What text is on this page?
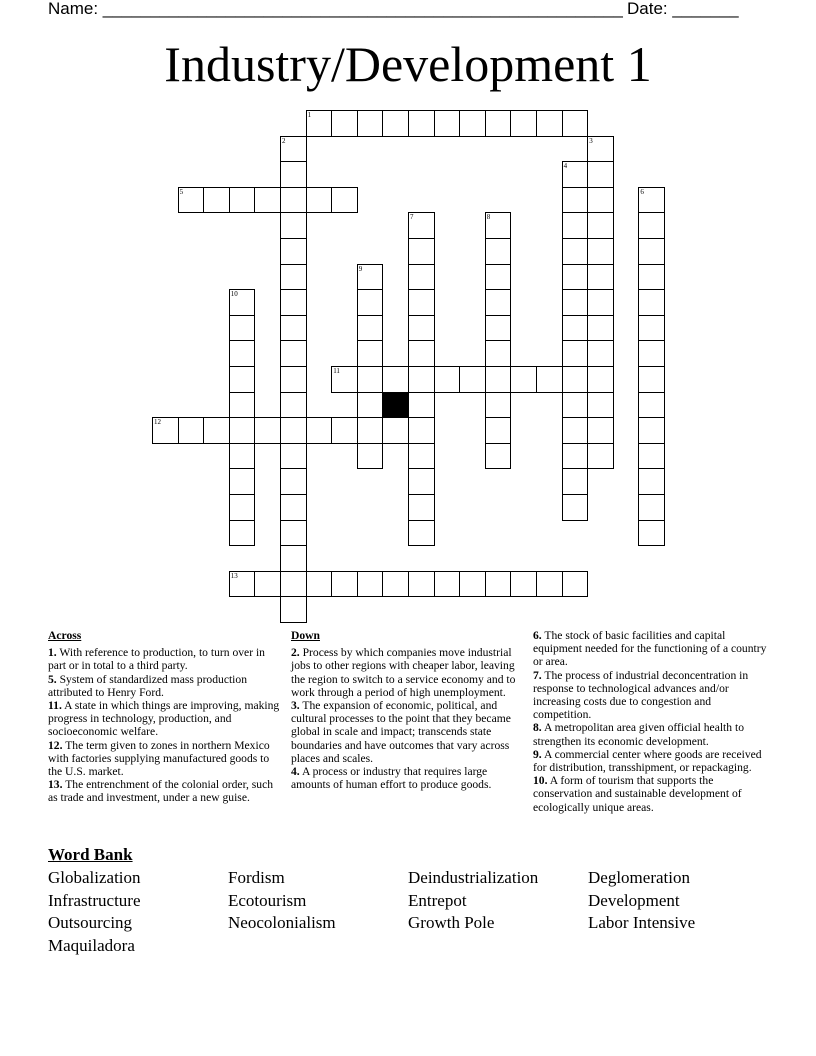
Name: _______________________________________________________ Date: _______
Industry/Development 1
1
2	3
4
5	6
7	8
9
10
11
12
13
Across
1. With reference to production, to turn over in part or in total to a third party.
5. System of standardized mass production attributed to Henry Ford.
11. A state in which things are improving, making progress in technology, production, and socioeconomic welfare.
12. The term given to zones in northern Mexico with factories supplying manufactured goods to the U.S. market.
13. The entrenchment of the colonial order, such as trade and investment, under a new guise.
Down
2. Process by which companies move industrial jobs to other regions with cheaper labor, leaving the region to switch to a service economy and to work through a period of high unemployment.
3. The expansion of economic, political, and cultural processes to the point that they became global in scale and impact; transcends state boundaries and have outcomes that vary across places and scales.
4. A process or industry that requires large amounts of human effort to produce goods.
6. The stock of basic facilities and capital equipment needed for the functioning of a country or area.
7. The process of industrial deconcentration in response to technological advances and/or increasing costs due to congestion and competition.
8. A metropolitan area given official health to strengthen its economic development.
9. A commercial center where goods are received for distribution, transshipment, or repackaging.
10. A form of tourism that supports the conservation and sustainable development of ecologically unique areas.
Word Bank
Globalization	Fordism	Deindustrialization	Deglomeration
Infrastructure	Ecotourism	Entrepot	Development
Outsourcing	Neocolonialism	Growth Pole	Labor Intensive
Maquiladora
